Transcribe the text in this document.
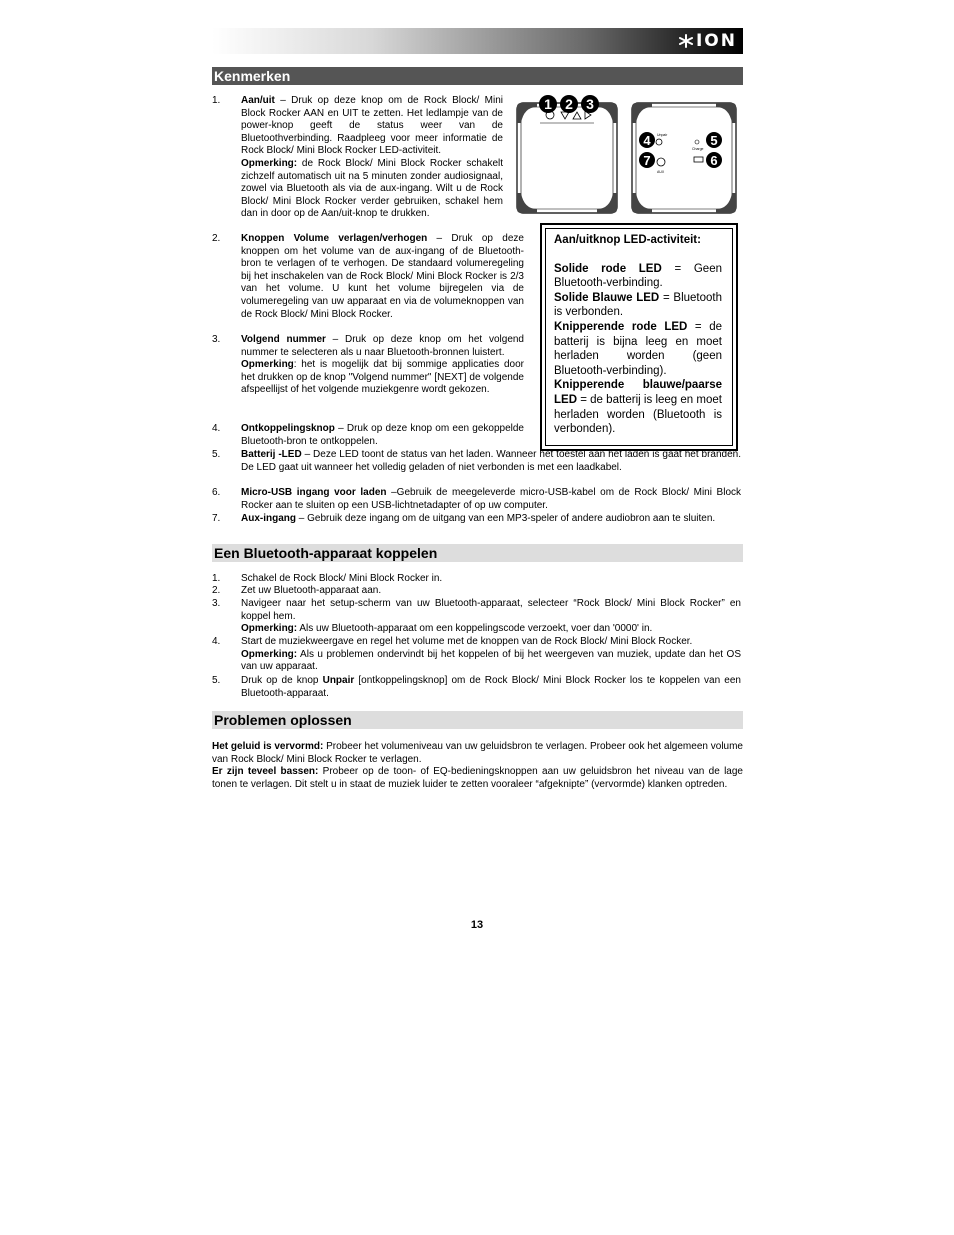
ION
Kenmerken
1 2 3
Unpair
Charge
AUX
4	5
6
7
1.	Aan/uit – Druk op deze knop om de Rock Block/ Mini Block Rocker AAN en UIT te zetten. Het ledlampje van de power-knop geeft de status weer van de Bluetoothverbinding. Raadpleeg voor meer informatie de Rock Block/ Mini Block Rocker LED-activiteit.

Opmerking: de Rock Block/ Mini Block Rocker schakelt zichzelf automatisch uit na 5 minuten zonder audiosignaal, zowel via Bluetooth als via de aux-ingang. Wilt u de Rock Block/ Mini Block Rocker verder gebruiken, schakel hem dan in door op de Aan/uit-knop te drukken.

2.	Knoppen Volume verlagen/verhogen – Druk op deze knoppen om het volume van de aux-ingang of de Bluetooth-bron te verlagen of te verhogen. De standaard volumeregeling bij het inschakelen van de Rock Block/ Mini Block Rocker is 2/3 van het volume. U kunt het volume bijregelen via de volumeregeling van uw apparaat en via de volumeknoppen van de Rock Block/ Mini Block Rocker.

3.	Volgend nummer – Druk op deze knop om het volgend nummer te selecteren als u naar Bluetooth-bronnen luistert.

Opmerking: het is mogelijk dat bij sommige applicaties door het drukken op de knop "Volgend nummer" [NEXT] de volgende afspeellijst of het volgende muziekgenre wordt gekozen.

4.	Ontkoppelingsknop – Druk op deze knop om een gekoppelde Bluetooth-bron te ontkoppelen.

5.	Batterij -LED – Deze LED toont de status van het laden. Wanneer het toestel aan het laden is gaat het branden. De LED gaat uit wanneer het volledig geladen of niet verbonden is met een laadkabel.

6.	Micro-USB ingang voor laden –Gebruik de meegeleverde micro-USB-kabel om de Rock Block/ Mini Block Rocker aan te sluiten op een USB-lichtnetadapter of op uw computer.

7.	Aux-ingang – Gebruik deze ingang om de uitgang van een MP3-speler of andere audiobron aan te sluiten.

Aan/uitknop LED-activiteit:

Solide rode LED = Geen Bluetooth-verbinding.

Solide Blauwe LED = Bluetooth is verbonden.

Knipperende rode LED = de batterij is bijna leeg en moet herladen worden (geen Bluetooth-verbinding).

Knipperende blauwe/paarse LED = de batterij is leeg en moet herladen worden (Bluetooth is verbonden).

Een Bluetooth-apparaat koppelen
1.	Schakel de Rock Block/ Mini Block Rocker in.

2.	Zet uw Bluetooth-apparaat aan.

3.	Navigeer naar het setup-scherm van uw Bluetooth-apparaat, selecteer “Rock Block/ Mini Block Rocker” en koppel hem.

Opmerking: Als uw Bluetooth-apparaat om een koppelingscode verzoekt, voer dan '0000' in.

4.	Start de muziekweergave en regel het volume met de knoppen van de Rock Block/ Mini Block Rocker.

Opmerking: Als u problemen ondervindt bij het koppelen of bij het weergeven van muziek, update dan het OS van uw apparaat.

5.	Druk op de knop Unpair [ontkoppelingsknop] om de Rock Block/ Mini Block Rocker los te koppelen van een Bluetooth-apparaat.

Problemen oplossen

Het geluid is vervormd: Probeer het volumeniveau van uw geluidsbron te verlagen. Probeer ook het algemeen volume van Rock Block/ Mini Block Rocker te verlagen.

Er zijn teveel bassen: Probeer op de toon- of EQ-bedieningsknoppen aan uw geluidsbron het niveau van de lage tonen te verlagen. Dit stelt u in staat de muziek luider te zetten vooraleer “afgeknipte” (vervormde) klanken optreden.

13
